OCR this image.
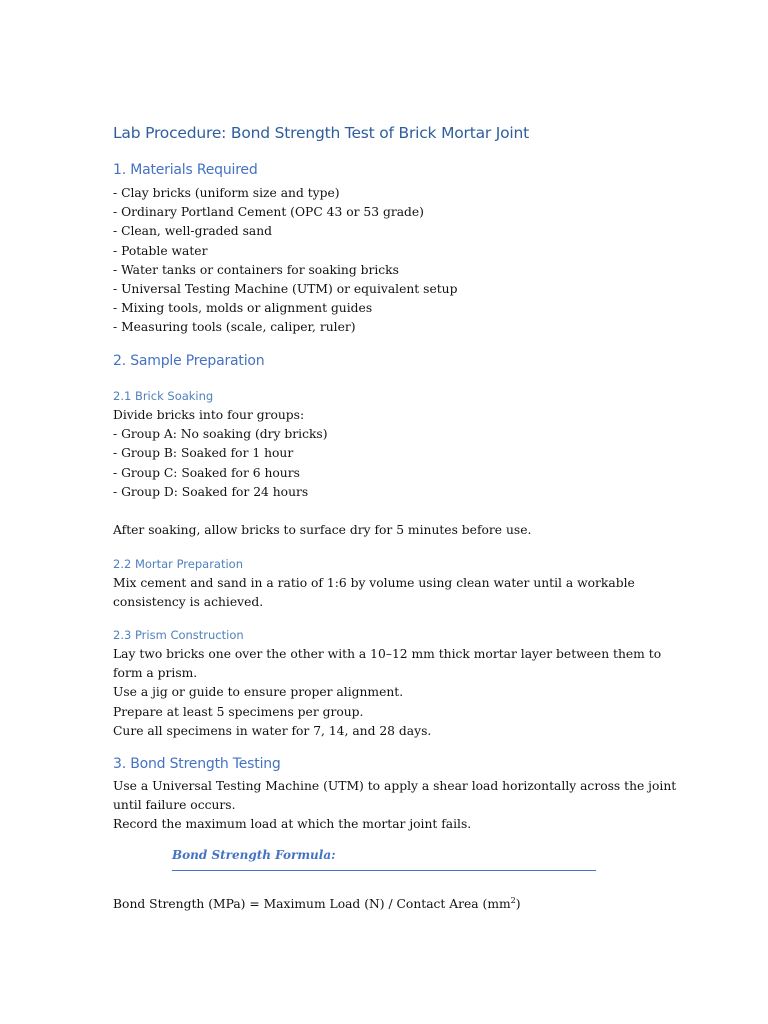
Lab Procedure: Bond Strength Test of Brick Mortar Joint
1. Materials Required
- Clay bricks (uniform size and type)
- Ordinary Portland Cement (OPC 43 or 53 grade)
- Clean, well-graded sand
- Potable water
- Water tanks or containers for soaking bricks
- Universal Testing Machine (UTM) or equivalent setup
- Mixing tools, molds or alignment guides
- Measuring tools (scale, caliper, ruler)
2. Sample Preparation
2.1 Brick Soaking
Divide bricks into four groups:
- Group A: No soaking (dry bricks)
- Group B: Soaked for 1 hour
- Group C: Soaked for 6 hours
- Group D: Soaked for 24 hours
After soaking, allow bricks to surface dry for 5 minutes before use.
2.2 Mortar Preparation
Mix cement and sand in a ratio of 1:6 by volume using clean water until a workable
consistency is achieved.
2.3 Prism Construction
Lay two bricks one over the other with a 10–12 mm thick mortar layer between them to
form a prism.
Use a jig or guide to ensure proper alignment.
Prepare at least 5 specimens per group.
Cure all specimens in water for 7, 14, and 28 days.
3. Bond Strength Testing
Use a Universal Testing Machine (UTM) to apply a shear load horizontally across the joint
until failure occurs.
Record the maximum load at which the mortar joint fails.
Bond Strength Formula:
Bond Strength (MPa) = Maximum Load (N) / Contact Area $(mm^2)$
